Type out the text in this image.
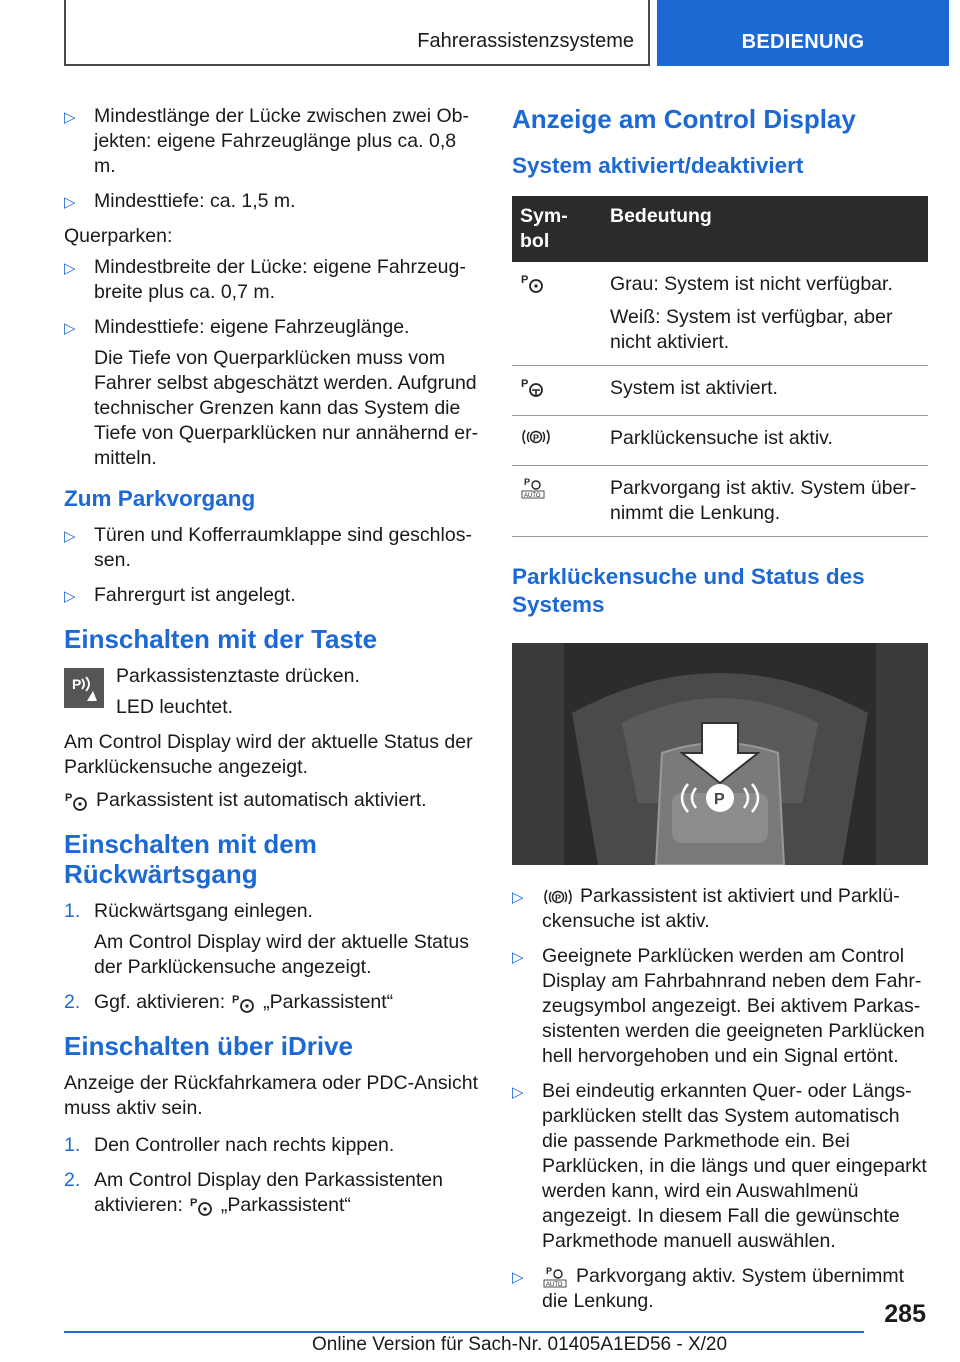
Fahrerassistenzsysteme	BEDIENUNG
▷ Mindestlänge der Lücke zwischen zwei Objekten: eigene Fahrzeuglänge plus ca. 0,8 m.
▷ Mindesttiefe: ca. 1,5 m.

Querparken:

▷ Mindestbreite der Lücke: eigene Fahrzeugbreite plus ca. 0,7 m.
▷ Mindesttiefe: eigene Fahrzeuglänge.

Die Tiefe von Querparklücken muss vom Fahrer selbst abgeschätzt werden. Aufgrund technischer Grenzen kann das System die Tiefe von Querparklücken nur annähernd ermitteln.

Zum Parkvorgang
▷ Türen und Kofferraumklappe sind geschlossen.
▷ Fahrergurt ist angelegt.
Einschalten mit der Taste
P Parkassistenztaste drücken.

LED leuchtet.

Am Control Display wird der aktuelle Status der Parklückensuche angezeigt.

P Parkassistent ist automatisch aktiviert.

Einschalten mit dem Rückwärtsgang
1. Rückwärtsgang einlegen.

Am Control Display wird der aktuelle Status der Parklückensuche angezeigt.

2. Ggf. aktivieren: P „Parkassistent“
Einschalten über iDrive

Anzeige der Rückfahrkamera oder PDC-Ansicht muss aktiv sein.

1. Den Controller nach rechts kippen.
2. Am Control Display den Parkassistenten aktivieren: P „Parkassistent“
Anzeige am Control Display
System aktiviert/deaktiviert
Sym-bol	Bedeutung

P	Grau: System ist nicht verfügbar.

Weiß: System ist verfügbar, aber nicht aktiviert.

P	System ist aktiviert.

P	Parklückensuche ist aktiv.

P
AUTO	Parkvorgang ist aktiv. System übernimmt die Lenkung.

Parklückensuche und Status des Systems
P
▷	P Parkassistent ist aktiviert und Parklückensuche ist aktiv.
▷ Geeignete Parklücken werden am Control Display am Fahrbahnrand neben dem Fahrzeugsymbol angezeigt. Bei aktivem Parkassistenten werden die geeigneten Parklücken hell hervorgehoben und ein Signal ertönt.
▷ Bei eindeutig erkannten Quer- oder Längsparklücken stellt das System automatisch die passende Parkmethode ein. Bei Parklücken, in die längs und quer eingeparkt werden kann, wird ein Auswahlmenü angezeigt. In diesem Fall die gewünschte Parkmethode manuell auswählen.
▷ P
AUTO Parkvorgang aktiv. System übernimmt die Lenkung.	285
Online Version für Sach-Nr. 01405A1ED56 - X/20
